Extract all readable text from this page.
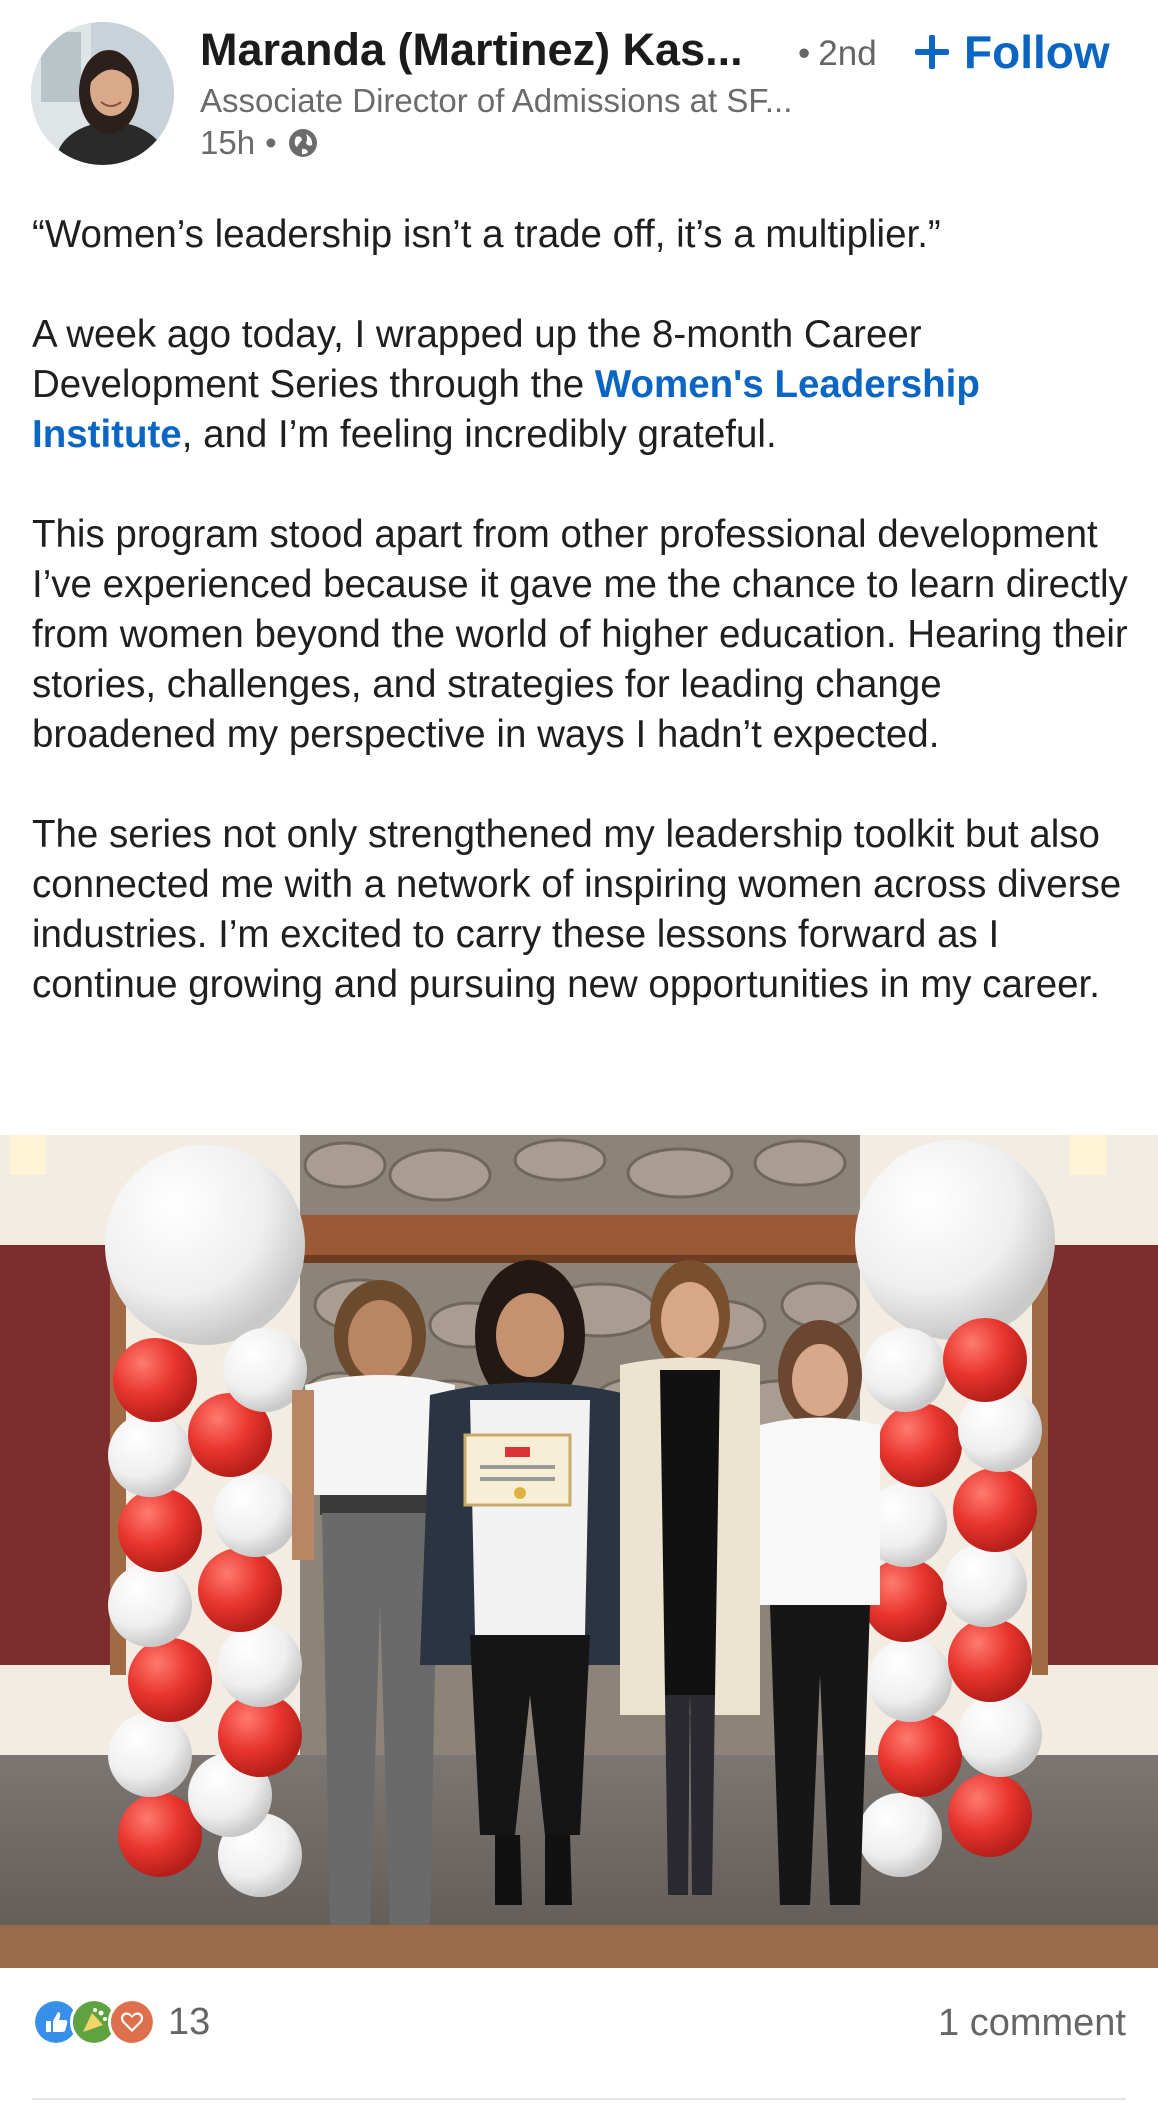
Maranda (Martinez) Kas... • 2nd Follow
Associate Director of Admissions at SF...
15h •

“Women’s leadership isn’t a trade off, it’s a multiplier.”

A week ago today, I wrapped up the 8-month Career Development Series through the Women's Leadership Institute, and I’m feeling incredibly grateful.

This program stood apart from other professional development I’ve experienced because it gave me the chance to learn directly from women beyond the world of higher education. Hearing their stories, challenges, and strategies for leading change broadened my perspective in ways I hadn’t expected.

The series not only strengthened my leadership toolkit but also connected me with a network of inspiring women across diverse industries. I’m excited to carry these lessons forward as I continue growing and pursuing new opportunities in my career.

13	1 comment
